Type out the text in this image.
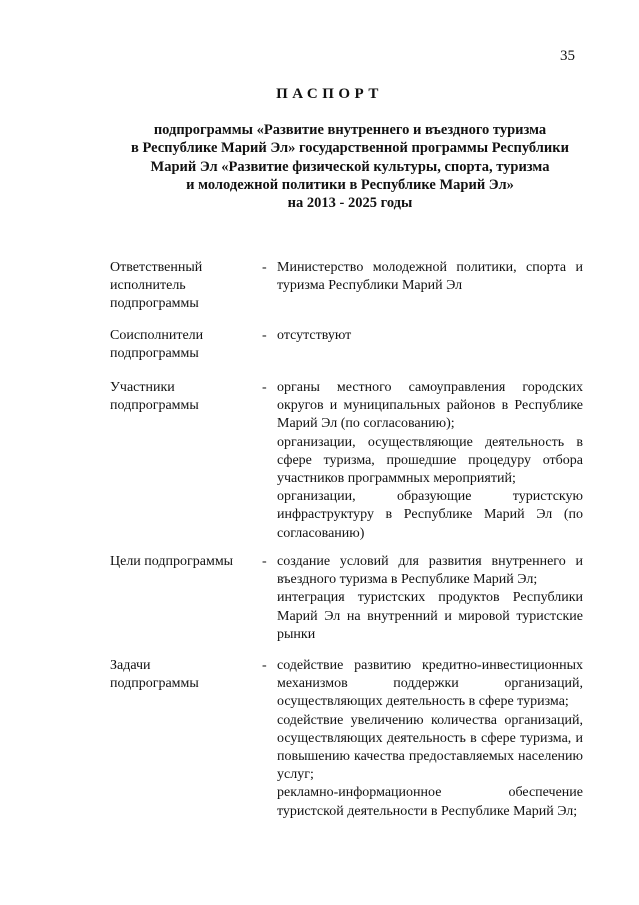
35
ПАСПОРТ
подпрограммы «Развитие внутреннего и въездного туризма
в Республике Марий Эл» государственной программы Республики
Марий Эл «Развитие физической культуры, спорта, туризма
и молодежной политики в Республике Марий Эл»
на 2013 - 2025 годы
Ответственный
исполнитель
подпрограммы
- Министерство молодежной политики, спорта и туризма Республики Марий Эл

Соисполнители
подпрограммы
- отсутствуют

Участники
подпрограммы
- органы местного самоуправления городских округов и муниципальных районов в Республике Марий Эл (по согласованию);

организации, осуществляющие деятельность в сфере туризма, прошедшие процедуру отбора участников программных мероприятий;

организации, образующие туристскую инфраструктуру в Республике Марий Эл (по согласованию)

Цели подпрограммы	- создание условий для развития внутреннего и въездного туризма в Республике Марий Эл;

интеграция туристских продуктов Республики Марий Эл на внутренний и мировой туристские рынки

Задачи
подпрограммы
- содействие развитию кредитно-инвестиционных механизмов поддержки организаций, осуществляющих деятельность в сфере туризма;

содействие увеличению количества организаций, осуществляющих деятельность в сфере туризма, и повышению качества предоставляемых населению услуг;

рекламно-информационное обеспечение туристской деятельности в Республике Марий Эл;
